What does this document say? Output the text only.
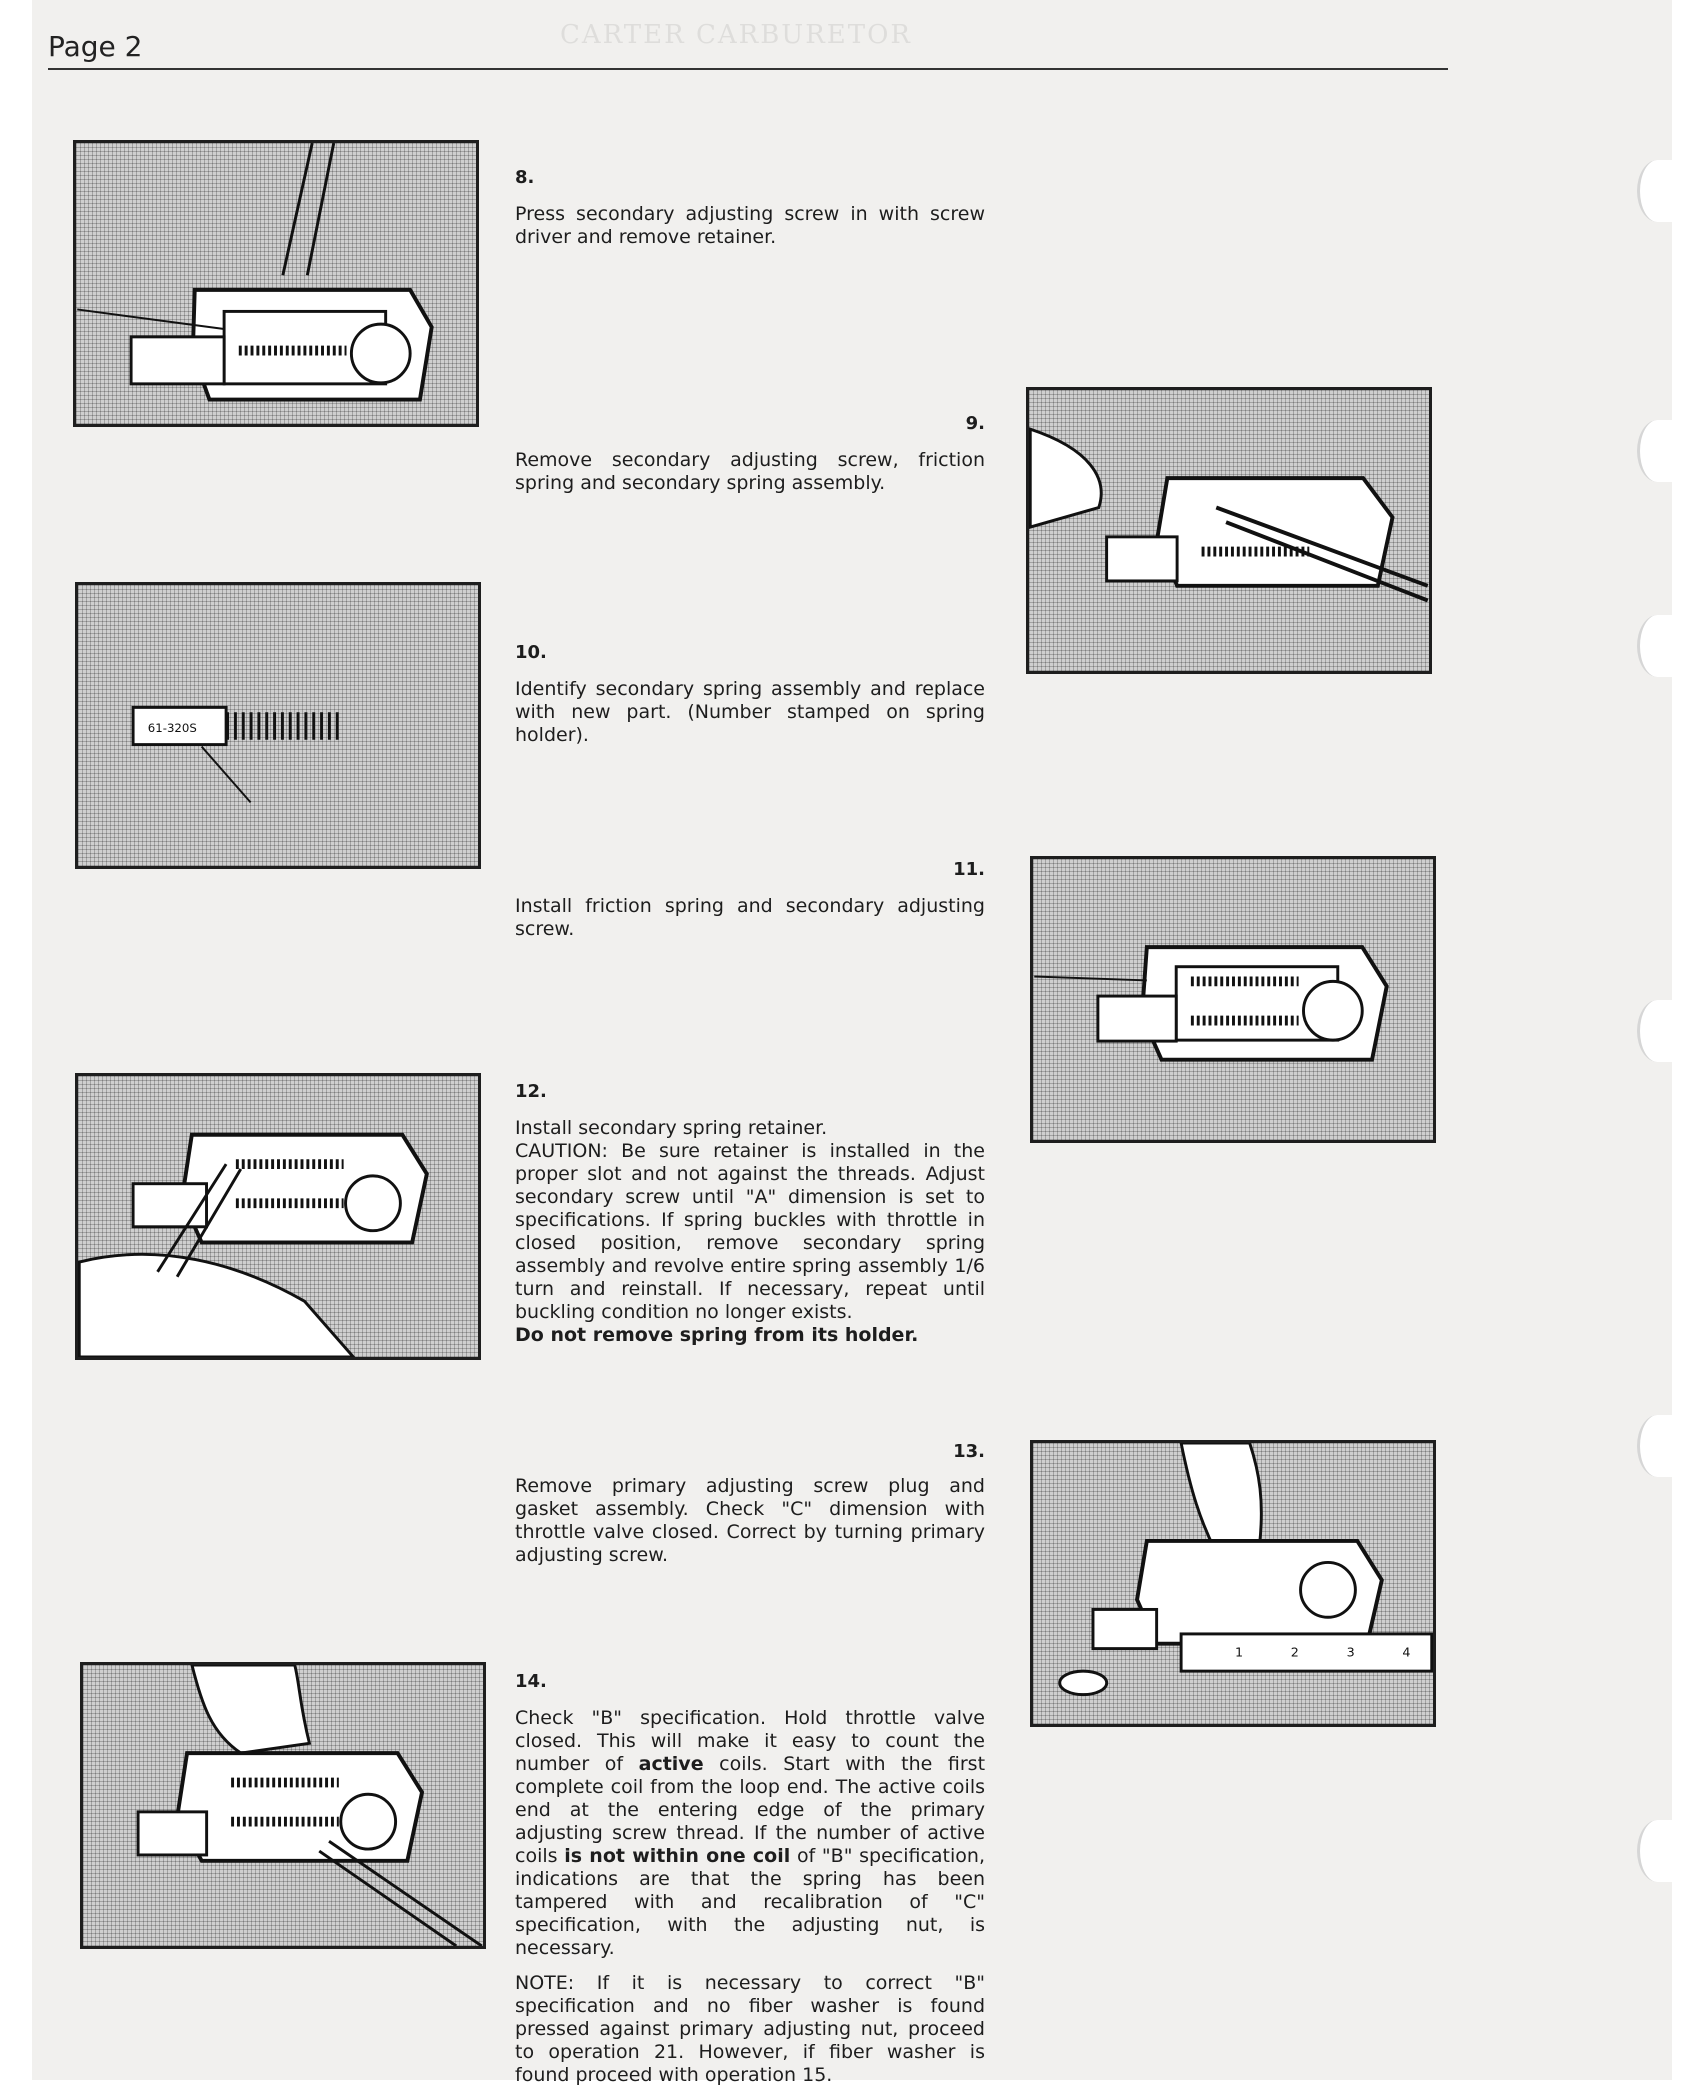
CARTER CARBURETOR
Page 2
8.

Press secondary adjusting screw in with screw driver and remove retainer.

9.

Remove secondary adjusting screw, friction spring and secondary spring assembly.

61-320S
10.

Identify secondary spring assembly and replace with new part. (Number stamped on spring holder).

11.

Install friction spring and secondary adjusting screw.

12.

Install secondary spring retainer.

CAUTION: Be sure retainer is installed in the proper slot and not against the threads. Adjust secondary screw until "A" dimension is set to specifications. If spring buckles with throttle in closed position, remove secondary spring assembly and revolve entire spring assembly 1/6 turn and reinstall. If necessary, repeat until buckling condition no longer exists.

Do not remove spring from its holder.

1	2	3	4
13.

Remove primary adjusting screw plug and gasket assembly. Check "C" dimension with throttle valve closed. Correct by turning primary adjusting screw.

14.

Check "B" specification. Hold throttle valve closed. This will make it easy to count the number of active coils. Start with the first complete coil from the loop end. The active coils end at the entering edge of the primary adjusting screw thread. If the number of active coils is not within one coil of "B" specification, indications are that the spring has been tampered with and recalibration of "C" specification, with the adjusting nut, is necessary.

NOTE: If it is necessary to correct "B" specification and no fiber washer is found pressed against primary adjusting nut, proceed to operation 21. However, if fiber washer is found proceed with operation 15.
